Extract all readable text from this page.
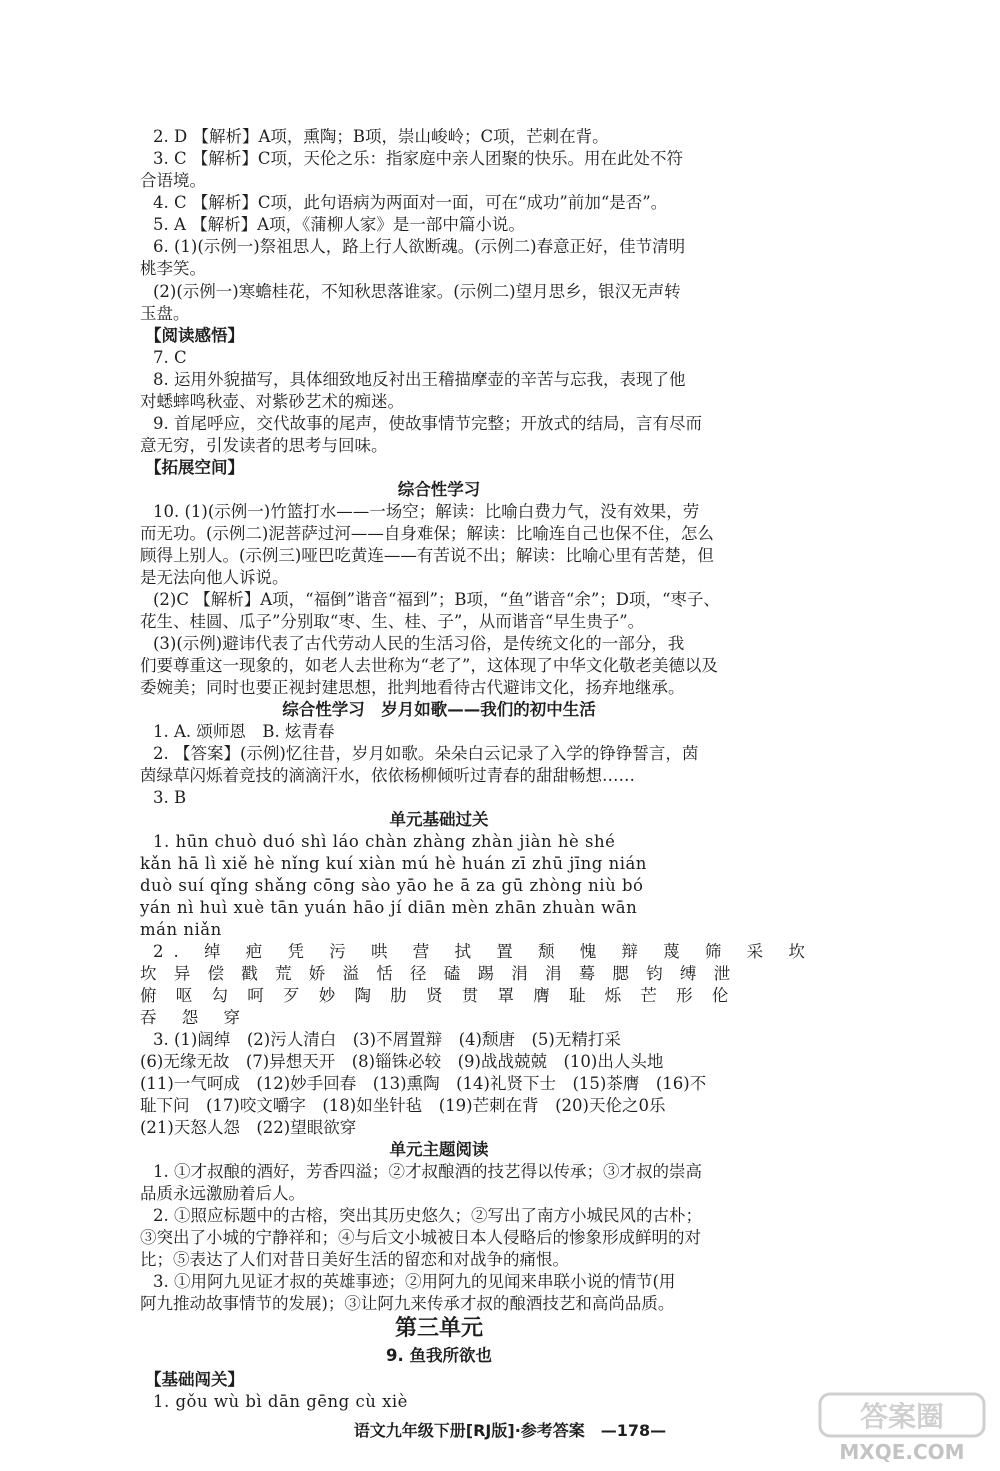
2. D 【解析】A项，熏陶；B项，崇山峻岭；C项，芒刺在背。
3. C 【解析】C项，天伦之乐：指家庭中亲人团聚的快乐。用在此处不符
合语境。
4. C 【解析】C项，此句语病为两面对一面，可在“成功”前加“是否”。
5. A 【解析】A项，《蒲柳人家》是一部中篇小说。
6. (1)(示例一)祭祖思人，路上行人欲断魂。(示例二)春意正好，佳节清明
桃李笑。
(2)(示例一)寒蟾桂花，不知秋思落谁家。(示例二)望月思乡，银汉无声转
玉盘。
【阅读感悟】
7. C
8. 运用外貌描写，具体细致地反衬出王稽描摩壶的辛苦与忘我，表现了他
对蟋蟀鸣秋壶、对紫砂艺术的痴迷。
9. 首尾呼应，交代故事的尾声，使故事情节完整；开放式的结局，言有尽而
意无穷，引发读者的思考与回味。
【拓展空间】
综合性学习
10. (1)(示例一)竹篮打水——一场空；解读：比喻白费力气，没有效果，劳
而无功。(示例二)泥菩萨过河——自身难保；解读：比喻连自己也保不住，怎么
顾得上别人。(示例三)哑巴吃黄连——有苦说不出；解读：比喻心里有苦楚，但
是无法向他人诉说。
(2)C 【解析】A项，“福倒”谐音“福到”；B项，“鱼”谐音“余”；D项，“枣子、
花生、桂圆、瓜子”分别取“枣、生、桂、子”，从而谐音“早生贵子”。
(3)(示例)避讳代表了古代劳动人民的生活习俗，是传统文化的一部分，我
们要尊重这一现象的，如老人去世称为“老了”，这体现了中华文化敬老美德以及
委婉美；同时也要正视封建思想，批判地看待古代避讳文化，扬弃地继承。
综合性学习　岁月如歌——我们的初中生活
1. A. 颂师恩　B. 炫青春
2. 【答案】(示例)忆往昔，岁月如歌。朵朵白云记录了入学的铮铮誓言，茵
茵绿草闪烁着竞技的滴滴汗水，依依杨柳倾听过青春的甜甜畅想……
3. B
单元基础过关
1. hūn chuò duó shì láo chàn zhàng zhàn jiàn hè shé
kǎn hā lì xiě hè nǐng kuí xiàn mú hè huán zī zhū jīng nián
duò suí qǐng shǎng cōng sào yāo he ā za gū zhòng niù bó
yán nì huì xuè tān yuán hāo jí diān mèn zhān zhuàn wān
mán niǎn
2. 绰 疤 凭 污 哄 营 拭 置 颓 愧 辩 蔑 筛 采 坎
坎 异 偿 戳 荒 娇 溢 恬 径 磕 踢 涓 涓 蓦 腮 钧 缚 泄
俯 呕 勾 呵 歹 妙 陶 肋 贤 贯 罩 膺 耻 烁 芒 形 伦
吞 怨 穿
3. (1)阔绰　(2)污人清白　(3)不屑置辩　(4)颓唐　(5)无精打采
(6)无缘无故　(7)异想天开　(8)锱铢必较　(9)战战兢兢　(10)出人头地
(11)一气呵成　(12)妙手回春　(13)熏陶　(14)礼贤下士　(15)茶膺　(16)不
耻下问　(17)咬文嚼字　(18)如坐针毡　(19)芒刺在背　(20)天伦之0乐
(21)天怒人怨　(22)望眼欲穿
单元主题阅读
1. ①才叔酿的酒好，芳香四溢；②才叔酿酒的技艺得以传承；③才叔的崇高
品质永远激励着后人。
2. ①照应标题中的古榕，突出其历史悠久；②写出了南方小城民风的古朴；
③突出了小城的宁静祥和；④与后文小城被日本人侵略后的惨象形成鲜明的对
比；⑤表达了人们对昔日美好生活的留恋和对战争的痛恨。
3. ①用阿九见证才叔的英雄事迹；②用阿九的见闻来串联小说的情节(用
阿九推动故事情节的发展)；③让阿九来传承才叔的酿酒技艺和高尚品质。
第三单元
9. 鱼我所欲也
【基础闯关】
1. gǒu wù bì dān gēng cù xiè
语文九年级下册[RJ版]·参考答案　—178—	答案圈
MXQE.COM
